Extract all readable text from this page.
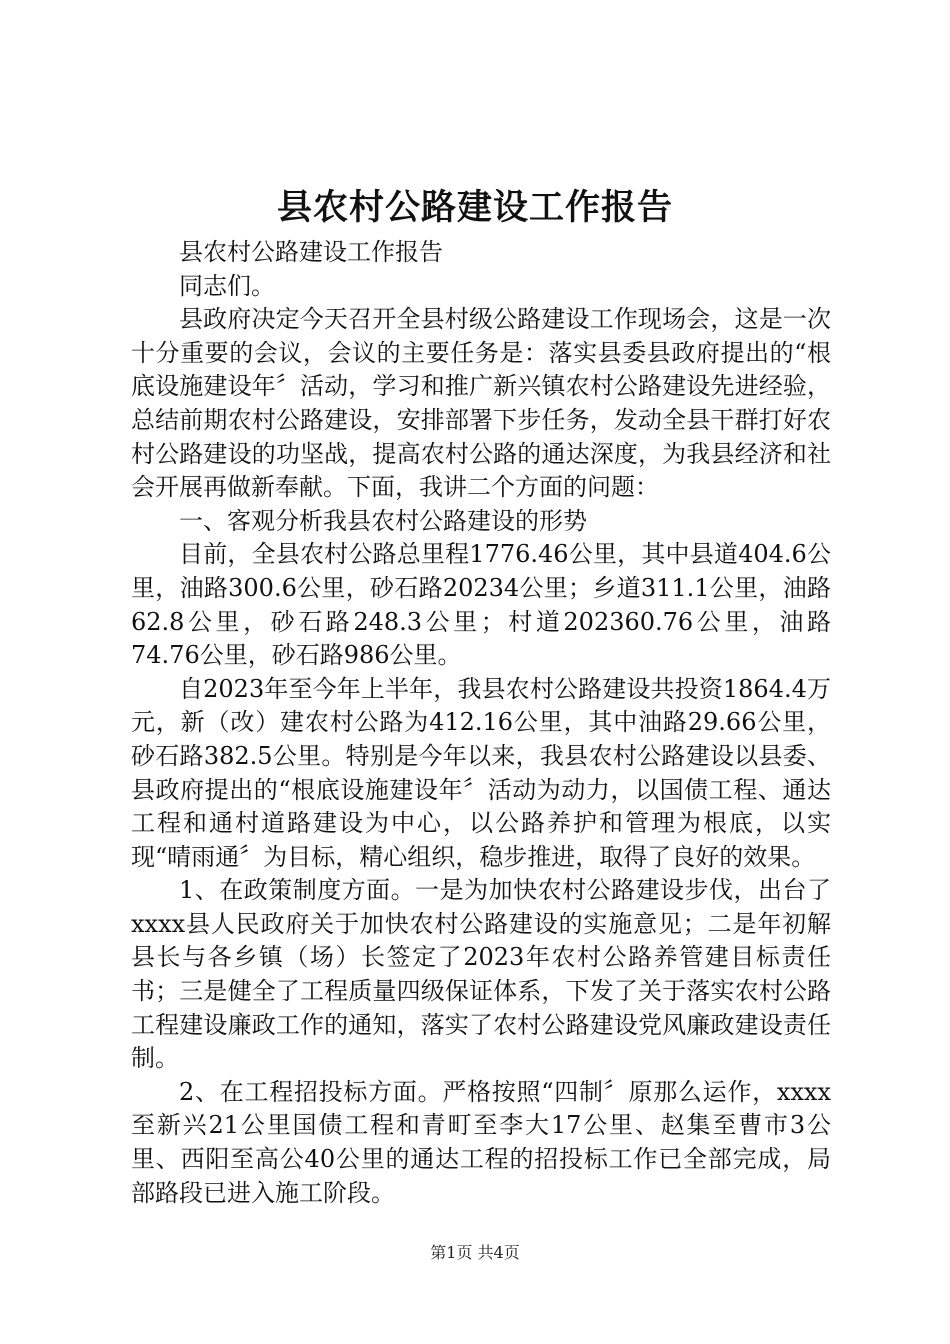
县农村公路建设工作报告

县农村公路建设工作报告

同志们。

县政府决定今天召开全县村级公路建设工作现场会，这是一次十分重要的会议，会议的主要任务是：落实县委县政府提出的“根底设施建设年〞活动，学习和推广新兴镇农村公路建设先进经验，总结前期农村公路建设，安排部署下步任务，发动全县干群打好农村公路建设的功坚战，提高农村公路的通达深度，为我县经济和社会开展再做新奉献。下面，我讲二个方面的问题：

一、客观分析我县农村公路建设的形势

目前，全县农村公路总里程1776.46公里，其中县道404.6公里，油路300.6公里，砂石路20234公里；乡道311.1公里，油路62.8公里，砂石路248.3公里；村道202360.76公里，油路74.76公里，砂石路986公里。

自2023年至今年上半年，我县农村公路建设共投资1864.4万元，新（改）建农村公路为412.16公里，其中油路29.66公里，砂石路382.5公里。特别是今年以来，我县农村公路建设以县委、县政府提出的“根底设施建设年〞活动为动力，以国债工程、通达工程和通村道路建设为中心，以公路养护和管理为根底，以实现“晴雨通〞为目标，精心组织，稳步推进，取得了良好的效果。

1、在政策制度方面。一是为加快农村公路建设步伐，出台了xxxx县人民政府关于加快农村公路建设的实施意见；二是年初解县长与各乡镇（场）长签定了2023年农村公路养管建目标责任书；三是健全了工程质量四级保证体系，下发了关于落实农村公路工程建设廉政工作的通知，落实了农村公路建设党风廉政建设责任制。

2、在工程招投标方面。严格按照“四制〞原那么运作，xxxx至新兴21公里国债工程和青町至李大17公里、赵集至曹市3公里、西阳至高公40公里的通达工程的招投标工作已全部完成，局部路段已进入施工阶段。

第1页 共4页
